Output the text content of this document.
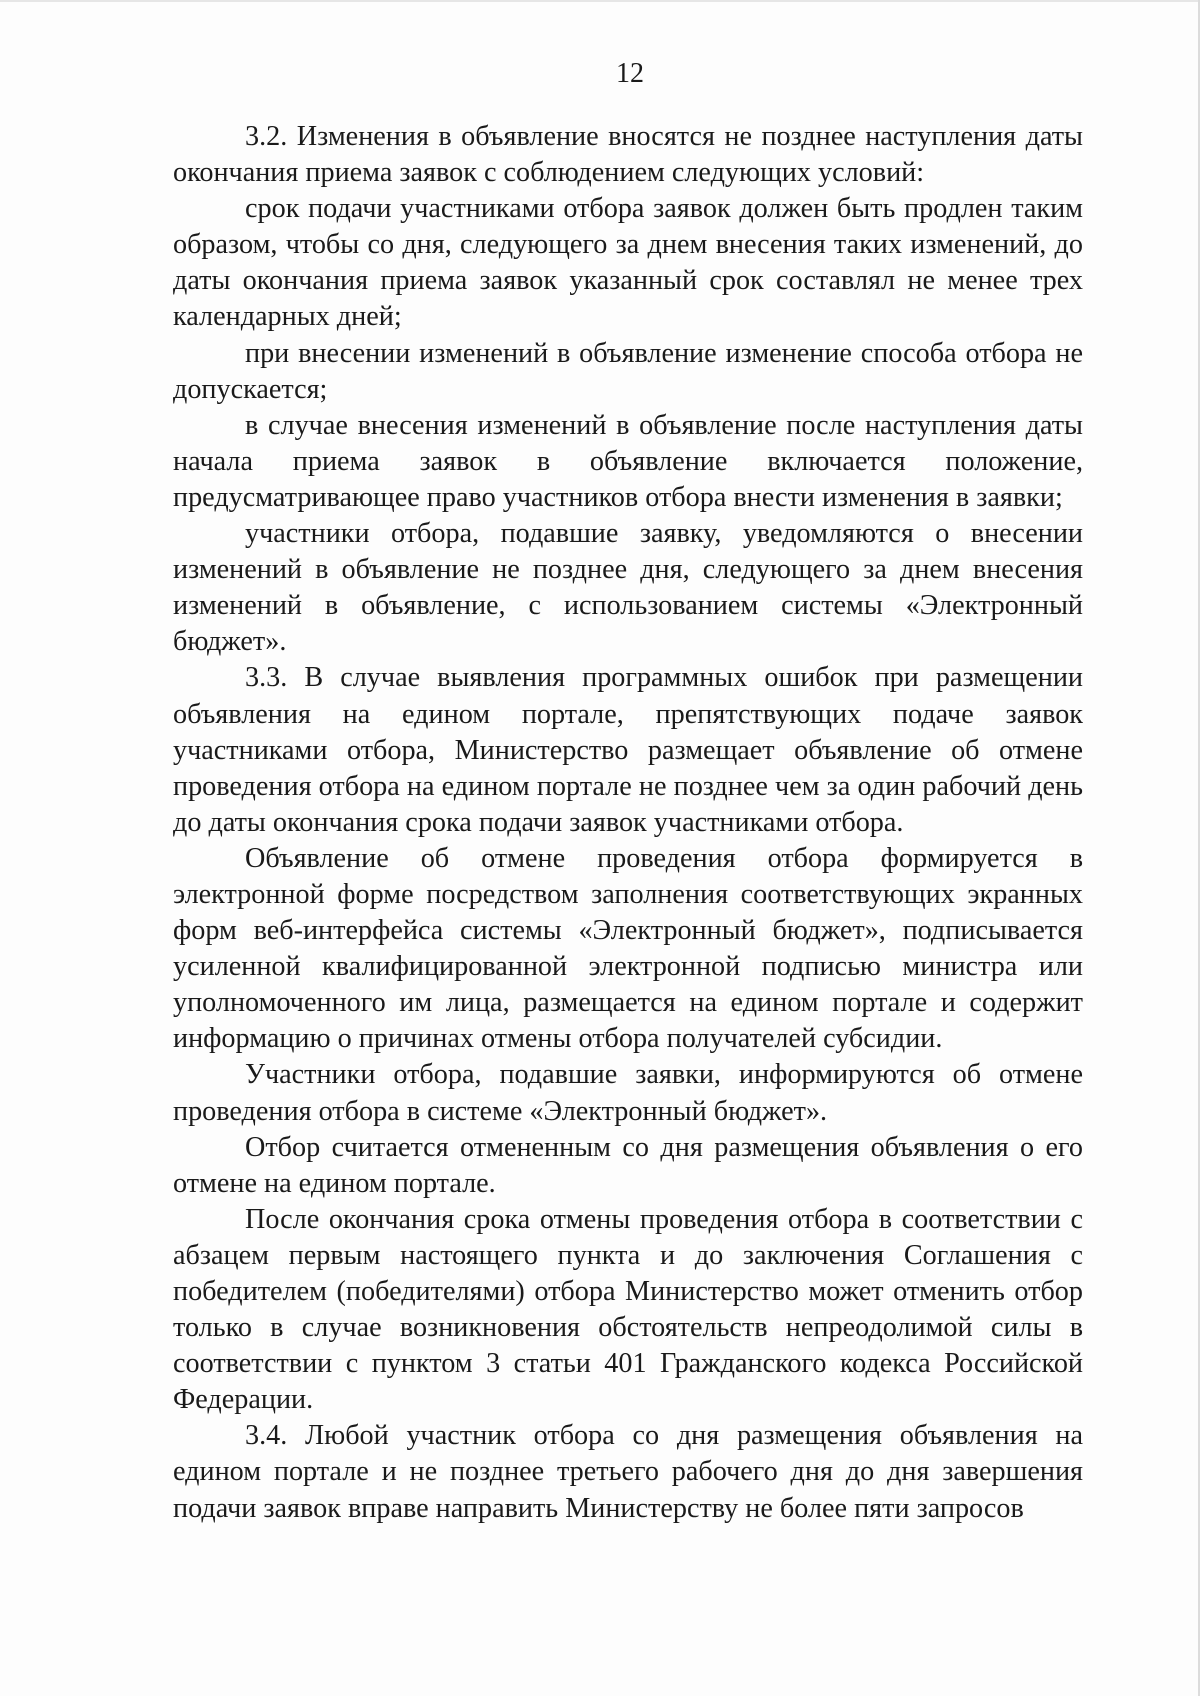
12

3.2. Изменения в объявление вносятся не позднее наступления даты окончания приема заявок с соблюдением следующих условий:

срок подачи участниками отбора заявок должен быть продлен таким образом, чтобы со дня, следующего за днем внесения таких изменений, до даты окончания приема заявок указанный срок составлял не менее трех календарных дней;

при внесении изменений в объявление изменение способа отбора не допускается;

в случае внесения изменений в объявление после наступления даты начала приема заявок в объявление включается положение, предусматривающее право участников отбора внести изменения в заявки;

участники отбора, подавшие заявку, уведомляются о внесении изменений в объявление не позднее дня, следующего за днем внесения изменений в объявление, с использованием системы «Электронный бюджет».

3.3. В случае выявления программных ошибок при размещении объявления на едином портале, препятствующих подаче заявок участниками отбора, Министерство размещает объявление об отмене проведения отбора на едином портале не позднее чем за один рабочий день до даты окончания срока подачи заявок участниками отбора.

Объявление об отмене проведения отбора формируется в электронной форме посредством заполнения соответствующих экранных форм веб-интерфейса системы «Электронный бюджет», подписывается усиленной квалифицированной электронной подписью министра или уполномоченного им лица, размещается на едином портале и содержит информацию о причинах отмены отбора получателей субсидии.

Участники отбора, подавшие заявки, информируются об отмене проведения отбора в системе «Электронный бюджет».

Отбор считается отмененным со дня размещения объявления о его отмене на едином портале.

После окончания срока отмены проведения отбора в соответствии с абзацем первым настоящего пункта и до заключения Соглашения с победителем (победителями) отбора Министерство может отменить отбор только в случае возникновения обстоятельств непреодолимой силы в соответствии с пунктом 3 статьи 401 Гражданского кодекса Российской Федерации.

3.4. Любой участник отбора со дня размещения объявления на едином портале и не позднее третьего рабочего дня до дня завершения подачи заявок вправе направить Министерству не более пяти запросов
